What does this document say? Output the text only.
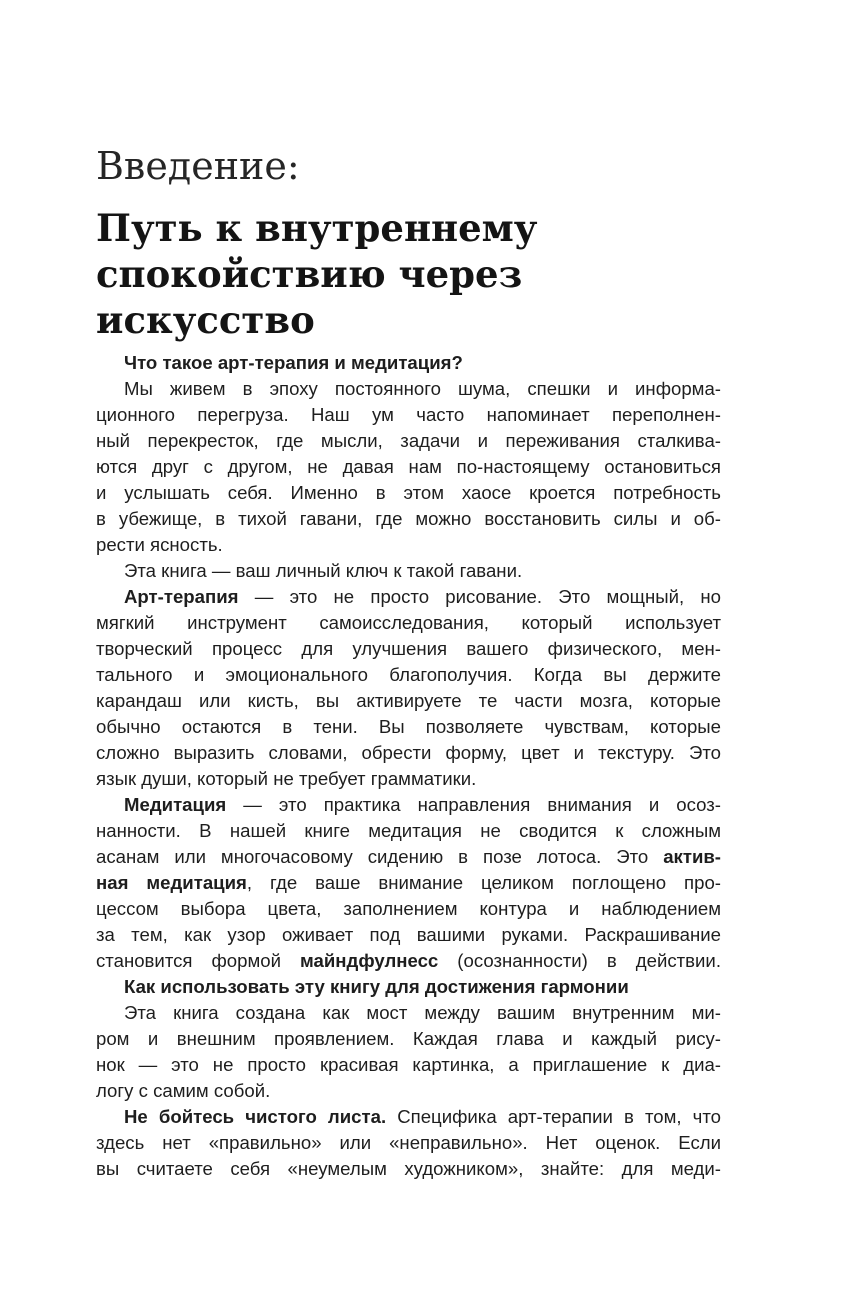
Введение:
Путь к внутреннему
спокойствию через
искусство

Что такое арт-терапия и медитация?

Мы живем в эпоху постоянного шума, спешки и информа-

ционного перегруза. Наш ум часто напоминает переполнен-

ный перекресток, где мысли, задачи и переживания сталкива-

ются друг с другом, не давая нам по-настоящему остановиться

и услышать себя. Именно в этом хаосе кроется потребность

в убежище, в тихой гавани, где можно восстановить силы и об-

рести ясность.

Эта книга — ваш личный ключ к такой гавани.

Арт-терапия — это не просто рисование. Это мощный, но

мягкий инструмент самоисследования, который использует

творческий процесс для улучшения вашего физического, мен-

тального и эмоционального благополучия. Когда вы держите

карандаш или кисть, вы активируете те части мозга, которые

обычно остаются в тени. Вы позволяете чувствам, которые

сложно выразить словами, обрести форму, цвет и текстуру. Это

язык души, который не требует грамматики.

Медитация — это практика направления внимания и осоз-

нанности. В нашей книге медитация не сводится к сложным

асанам или многочасовому сидению в позе лотоса. Это актив-

ная медитация, где ваше внимание целиком поглощено про-

цессом выбора цвета, заполнением контура и наблюдением

за тем, как узор оживает под вашими руками. Раскрашивание

становится формой майндфулнесс (осознанности) в действии.

Как использовать эту книгу для достижения гармонии

Эта книга создана как мост между вашим внутренним ми-

ром и внешним проявлением. Каждая глава и каждый рису-

нок — это не просто красивая картинка, а приглашение к диа-

логу с самим собой.

Не бойтесь чистого листа. Специфика арт-терапии в том, что

здесь нет «правильно» или «неправильно». Нет оценок. Если

вы считаете себя «неумелым художником», знайте: для меди-
